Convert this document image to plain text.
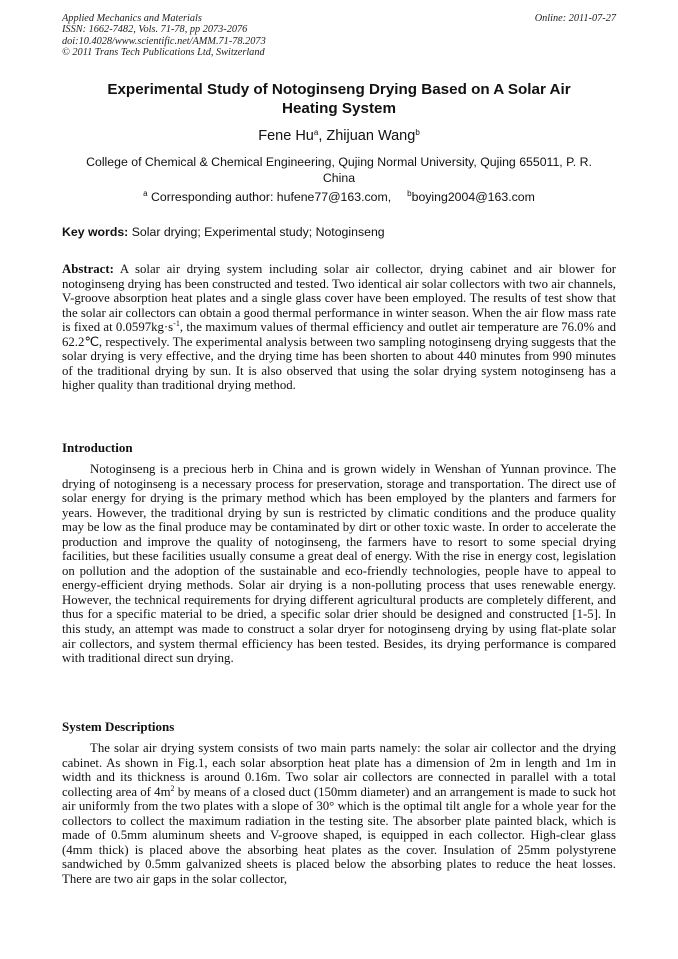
Applied Mechanics and Materials
ISSN: 1662-7482, Vols. 71-78, pp 2073-2076
doi:10.4028/www.scientific.net/AMM.71-78.2073
© 2011 Trans Tech Publications Ltd, Switzerland
Online: 2011-07-27
Experimental Study of Notoginseng Drying Based on A Solar Air Heating System
Fene Hu$^a$, Zhijuan Wang$^b$
College of Chemical & Chemical Engineering, Qujing Normal University, Qujing 655011, P. R. China
$^a$ Corresponding author: hufene77@163.com, $^b$boying2004@163.com
Key words: Solar drying; Experimental study; Notoginseng
Abstract: A solar air drying system including solar air collector, drying cabinet and air blower for notoginseng drying has been constructed and tested. Two identical air solar collectors with two air channels, V-groove absorption heat plates and a single glass cover have been employed. The results of test show that the solar air collectors can obtain a good thermal performance in winter season. When the air flow mass rate is fixed at $0.0597kg\cdot s^{-1}$, the maximum values of thermal efficiency and outlet air temperature are 76.0% and 62.2℃, respectively. The experimental analysis between two sampling notoginseng drying suggests that the solar drying is very effective, and the drying time has been shorten to about 440 minutes from 990 minutes of the traditional drying by sun. It is also observed that using the solar drying system notoginseng has a higher quality than traditional drying method.
Introduction
Notoginseng is a precious herb in China and is grown widely in Wenshan of Yunnan province. The drying of notoginseng is a necessary process for preservation, storage and transportation. The direct use of solar energy for drying is the primary method which has been employed by the planters and farmers for years. However, the traditional drying by sun is restricted by climatic conditions and the produce quality may be low as the final produce may be contaminated by dirt or other toxic waste. In order to accelerate the production and improve the quality of notoginseng, the farmers have to resort to some special drying facilities, but these facilities usually consume a great deal of energy. With the rise in energy cost, legislation on pollution and the adoption of the sustainable and eco-friendly technologies, people have to appeal to energy-efficient drying methods. Solar air drying is a non-polluting process that uses renewable energy. However, the technical requirements for drying different agricultural products are completely different, and thus for a specific material to be dried, a specific solar drier should be designed and constructed [1-5]. In this study, an attempt was made to construct a solar dryer for notoginseng drying by using flat-plate solar air collectors, and system thermal efficiency has been tested. Besides, its drying performance is compared with traditional direct sun drying.
System Descriptions
The solar air drying system consists of two main parts namely: the solar air collector and the drying cabinet. As shown in Fig.1, each solar absorption heat plate has a dimension of 2m in length and 1m in width and its thickness is around 0.16m. Two solar air collectors are connected in parallel with a total collecting area of $4m^2$ by means of a closed duct (150mm diameter) and an arrangement is made to suck hot air uniformly from the two plates with a slope of 30° which is the optimal tilt angle for a whole year for the collectors to collect the maximum radiation in the testing site. The absorber plate painted black, which is made of 0.5mm aluminum sheets and V-groove shaped, is equipped in each collector. High-clear glass (4mm thick) is placed above the absorbing heat plates as the cover. Insulation of 25mm polystyrene sandwiched by 0.5mm galvanized sheets is placed below the absorbing plates to reduce the heat losses. There are two air gaps in the solar collector,
